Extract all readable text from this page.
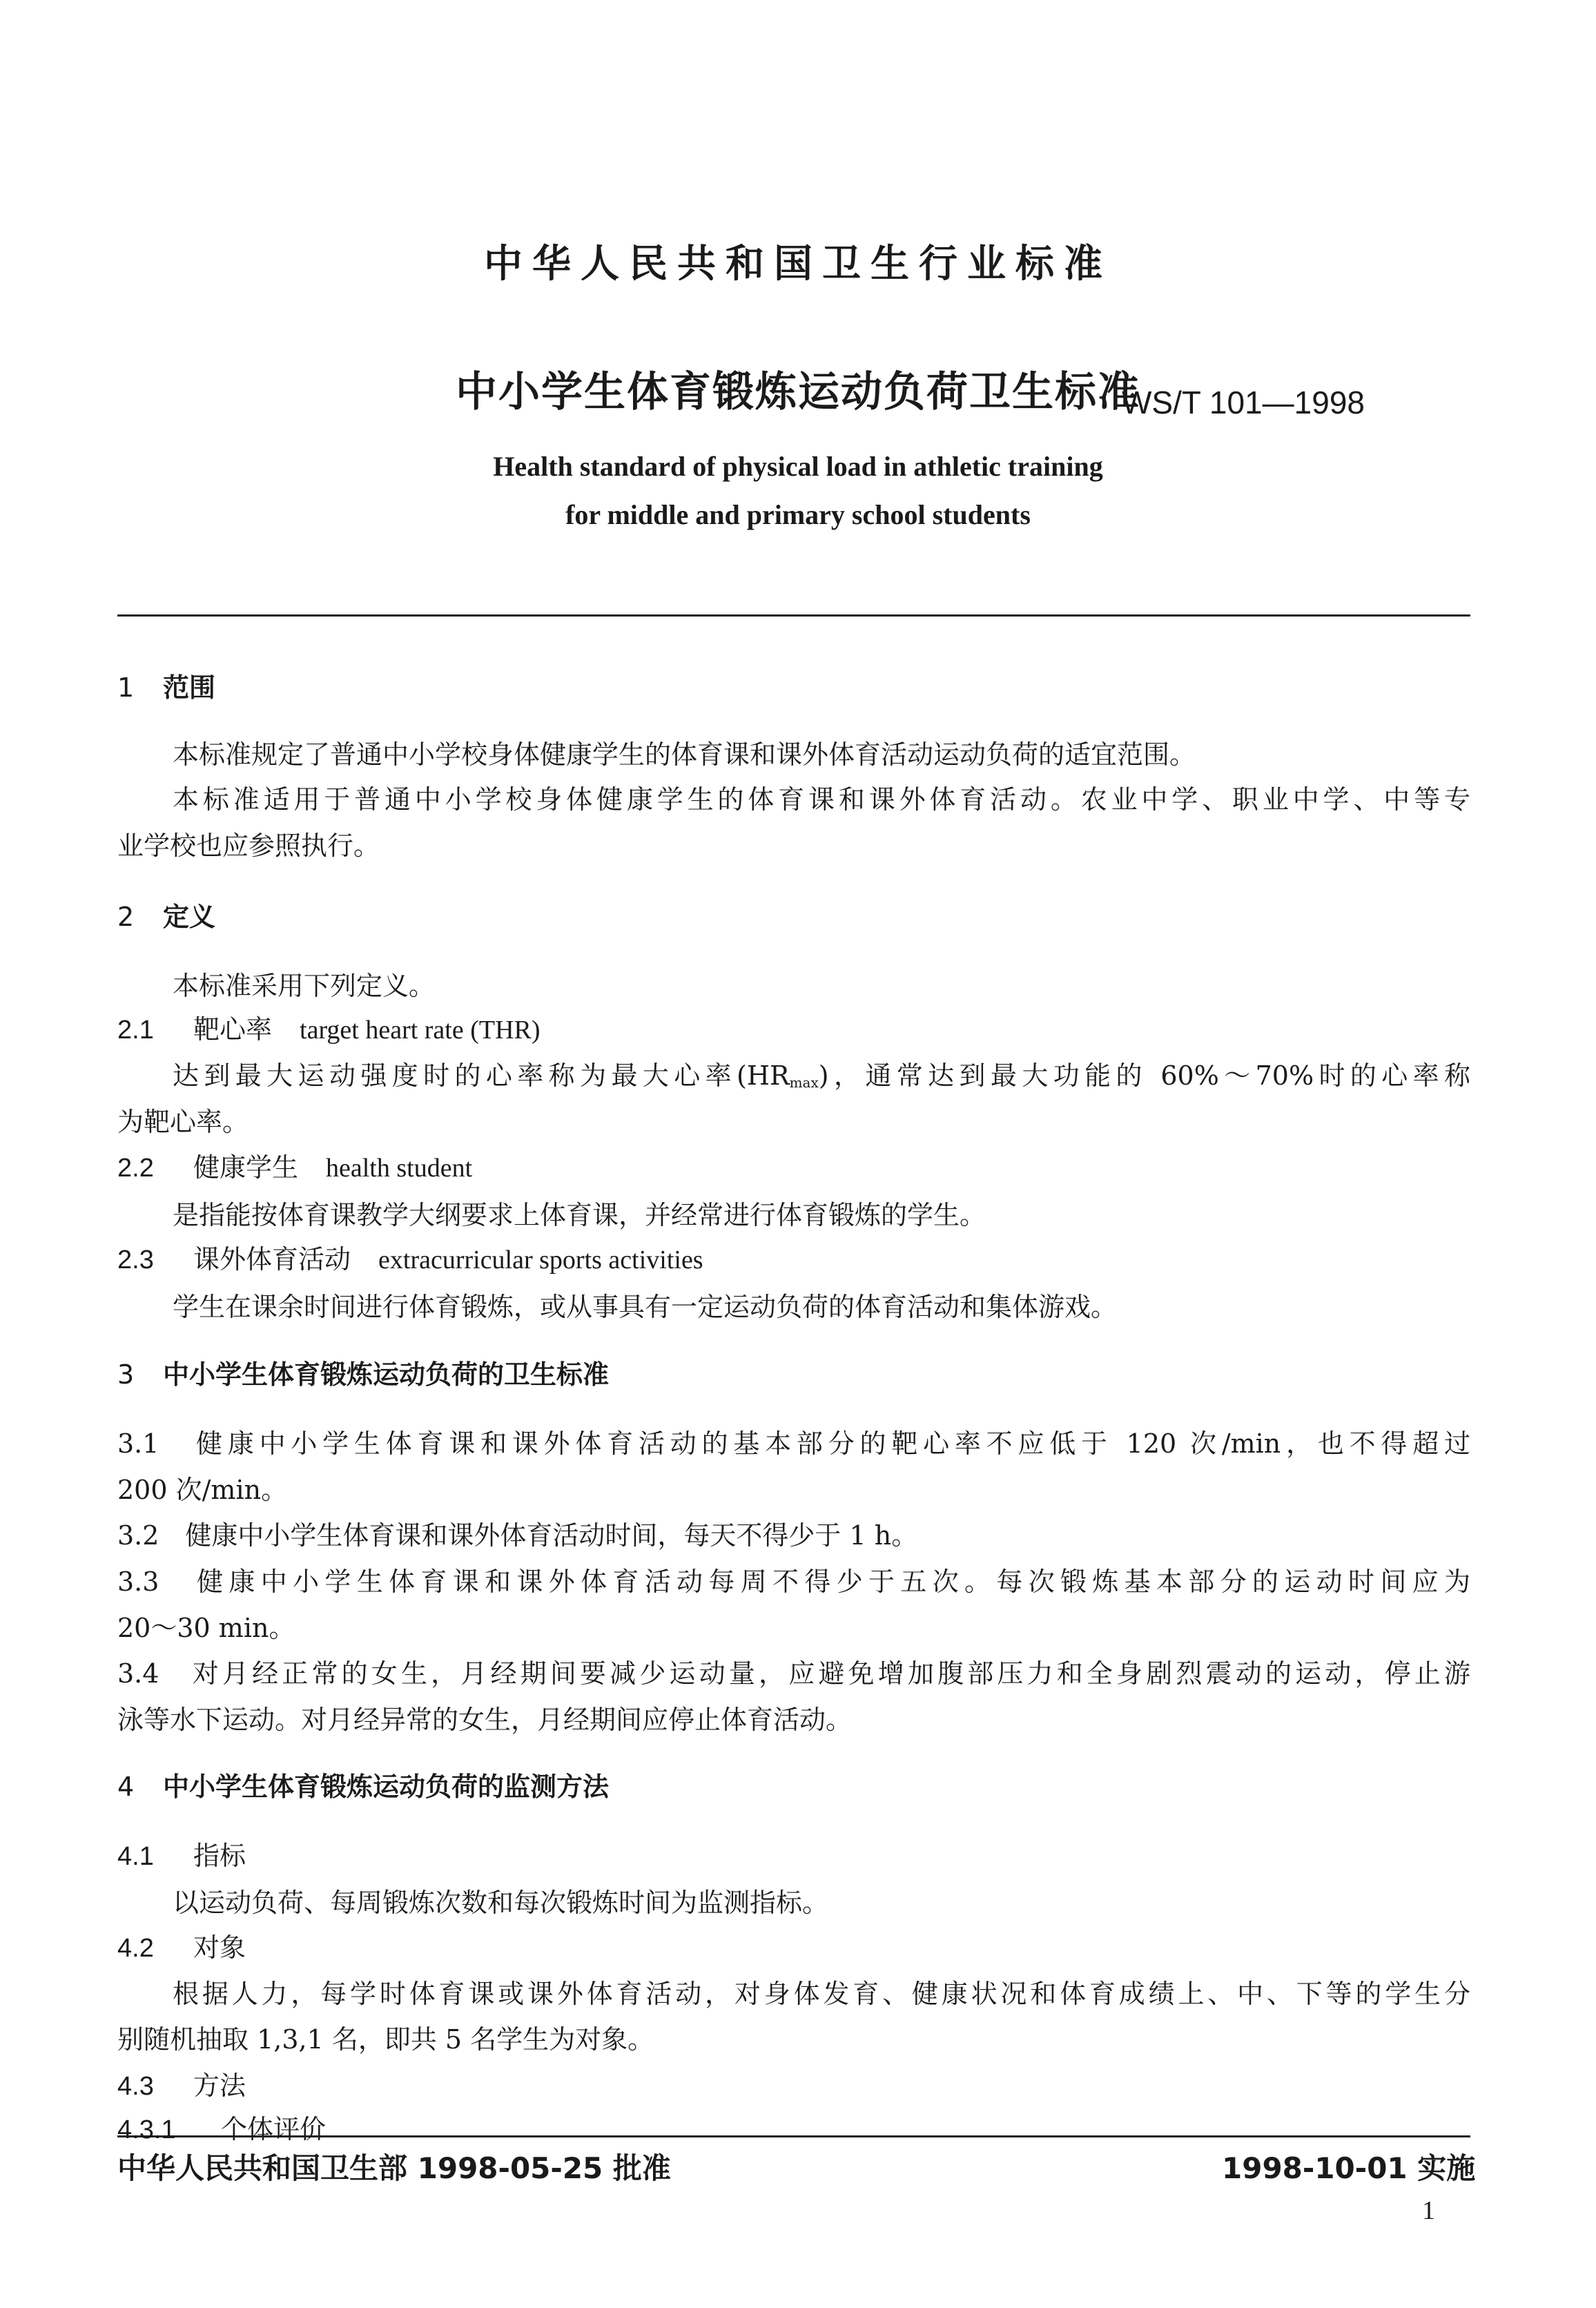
中华人民共和国卫生行业标准
中小学生体育锻炼运动负荷卫生标准
WS/T 101—1998
Health standard of physical load in athletic training
for middle and primary school students
1 范围
本标准规定了普通中小学校身体健康学生的体育课和课外体育活动运动负荷的适宜范围。
本标准适用于普通中小学校身体健康学生的体育课和课外体育活动。农业中学、职业中学、中等专
业学校也应参照执行。
2 定义
本标准采用下列定义。
2.1 靶心率 target heart rate (THR)
达到最大运动强度时的心率称为最大心率$(HR_{max})$，通常达到最大功能的 60%～70%时的心率称
为靶心率。
2.2 健康学生 health student
是指能按体育课教学大纲要求上体育课，并经常进行体育锻炼的学生。
2.3 课外体育活动 extracurricular sports activities
学生在课余时间进行体育锻炼，或从事具有一定运动负荷的体育活动和集体游戏。
3 中小学生体育锻炼运动负荷的卫生标准
3.1　健康中小学生体育课和课外体育活动的基本部分的靶心率不应低于 120 次/min，也不得超过
200 次/min。
3.2　健康中小学生体育课和课外体育活动时间，每天不得少于 1 h。
3.3　健康中小学生体育课和课外体育活动每周不得少于五次。每次锻炼基本部分的运动时间应为
20～30 min。
3.4　对月经正常的女生，月经期间要减少运动量，应避免增加腹部压力和全身剧烈震动的运动，停止游
泳等水下运动。对月经异常的女生，月经期间应停止体育活动。
4 中小学生体育锻炼运动负荷的监测方法
4.1 指标
以运动负荷、每周锻炼次数和每次锻炼时间为监测指标。
4.2 对象
根据人力，每学时体育课或课外体育活动，对身体发育、健康状况和体育成绩上、中、下等的学生分
别随机抽取 1,3,1 名，即共 5 名学生为对象。
4.3 方法
4.3.1 个体评价
中华人民共和国卫生部 1998-05-25 批准	1998-10-01 实施
1
